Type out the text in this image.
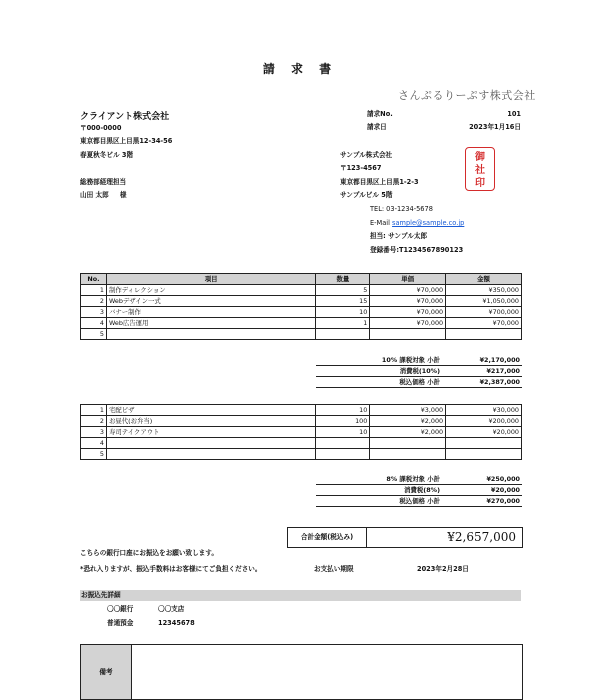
請 求 書
さんぷるりーぷす株式会社
クライアント株式会社
〒000-0000
東京都目黒区上目黒12-34-56
春夏秋冬ビル 3階
総務部経理担当
山田 太郎 　 様
請求No.	101
請求日	2023年1月16日
サンプル株式会社
〒123-4567
東京都目黒区上目黒1-2-3
サンプルビル 5階
TEL: 03-1234-5678
E-Mail sample@sample.co.jp
担当: サンプル太郎
登録番号:T1234567890123
御
社
印
No.	項目	数量	単価	金額
1	制作ディレクション	5	¥70,000	¥350,000
2	Webデザイン一式	15	¥70,000	¥1,050,000
3	バナー制作	10	¥70,000	¥700,000
4	Web広告運用	1	¥70,000	¥70,000
5				
10% 課税対象 小計	¥2,170,000
消費税(10%)	¥217,000
税込価格 小計	¥2,387,000
1	宅配ピザ	10	¥3,000	¥30,000
2	お昼代(お弁当)	100	¥2,000	¥200,000
3	寿司テイクアウト	10	¥2,000	¥20,000
4				
5				
8% 課税対象 小計	¥250,000
消費税(8%)	¥20,000
税込価格 小計	¥270,000
合計金額(税込み)	¥2,657,000
こちらの銀行口座にお振込をお願い致します。
*恐れ入りますが、振込手数料はお客様にてご負担ください。	お支払い期限	2023年2月28日
お振込先詳細
〇〇銀行	〇〇支店
普通預金	12345678
備考
